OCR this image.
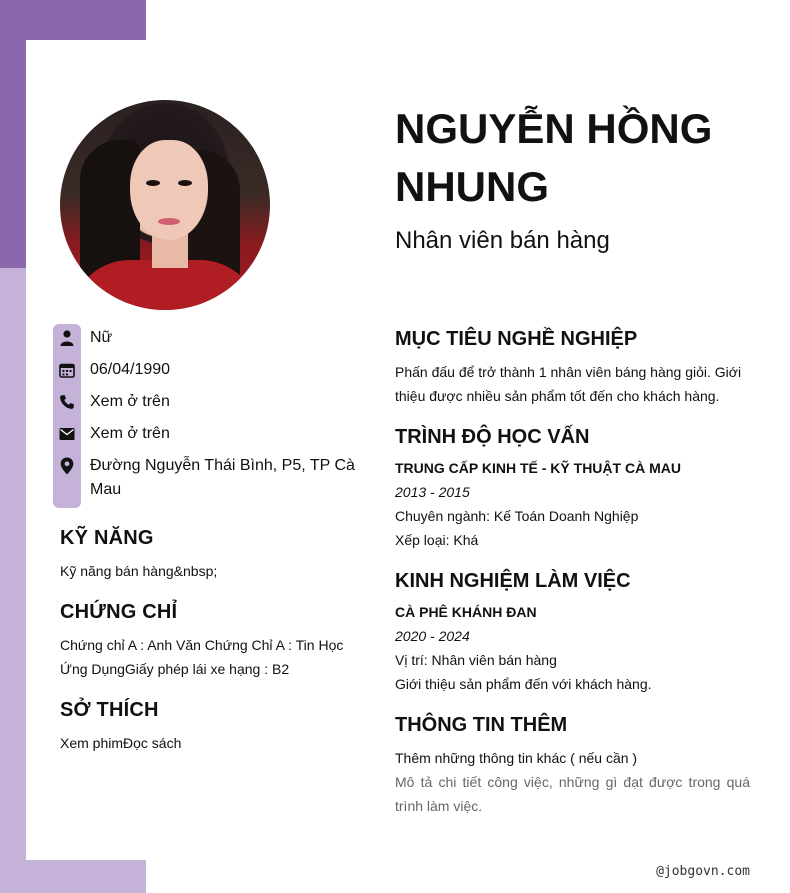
Nữ
06/04/1990
Xem ở trên
Xem ở trên
Đường Nguyễn Thái Bình, P5, TP Cà Mau
KỸ NĂNG

Kỹ năng bán hàng&nbsp;

CHỨNG CHỈ

Chứng chỉ A : Anh Văn Chứng Chỉ A : Tin Học Ứng DụngGiấy phép lái xe hạng : B2

SỞ THÍCH

Xem phimĐọc sách

NGUYỄN HỒNG NHUNG
Nhân viên bán hàng
MỤC TIÊU NGHỀ NGHIỆP

Phấn đấu để trở thành 1 nhân viên báng hàng giỏi. Giới thiệu được nhiều sản phẩm tốt đến cho khách hàng.

TRÌNH ĐỘ HỌC VẤN

TRUNG CẤP KINH TẾ - KỸ THUẬT CÀ MAU

2013 - 2015

Chuyên ngành: Kế Toán Doanh Nghiệp

Xếp loại: Khá

KINH NGHIỆM LÀM VIỆC

CÀ PHÊ KHÁNH ĐAN

2020 - 2024

Vị trí: Nhân viên bán hàng

Giới thiệu sản phẩm đến với khách hàng.

THÔNG TIN THÊM

Thêm những thông tin khác ( nếu cần )

Mô tả chi tiết công việc, những gì đạt được trong quá trình làm việc.

@jobgovn.com
